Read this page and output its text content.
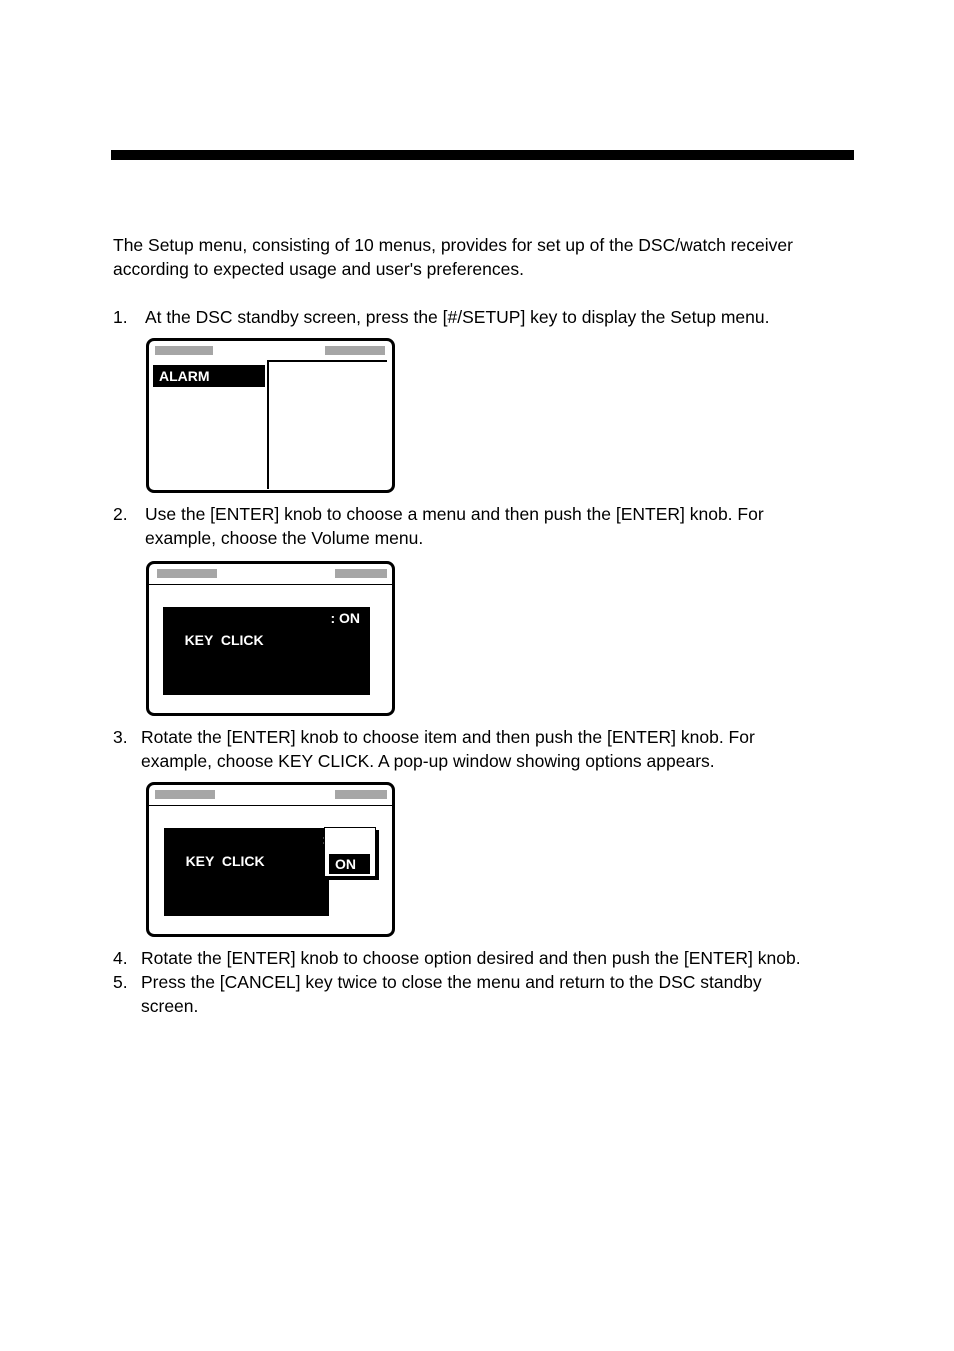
The Setup menu, consisting of 10 menus, provides for set up of the DSC/watch receiver
according to expected usage and user's preferences.
1. At the DSC standby screen, press the [#/SETUP] key to display the Setup menu.
ALARM
2. Use the [ENTER] knob to choose a menu and then push the [ENTER] knob. For
example, choose the Volume menu.

KEY  CLICK

: ON

3. Rotate the [ENTER] knob to choose item and then push the [ENTER] knob. For
example, choose KEY CLICK. A pop-up window showing options appears.

KEY  CLICK

	ON
4. Rotate the [ENTER] knob to choose option desired and then push the [ENTER] knob.
5. Press the [CANCEL] key twice to close the menu and return to the DSC standby
screen.
